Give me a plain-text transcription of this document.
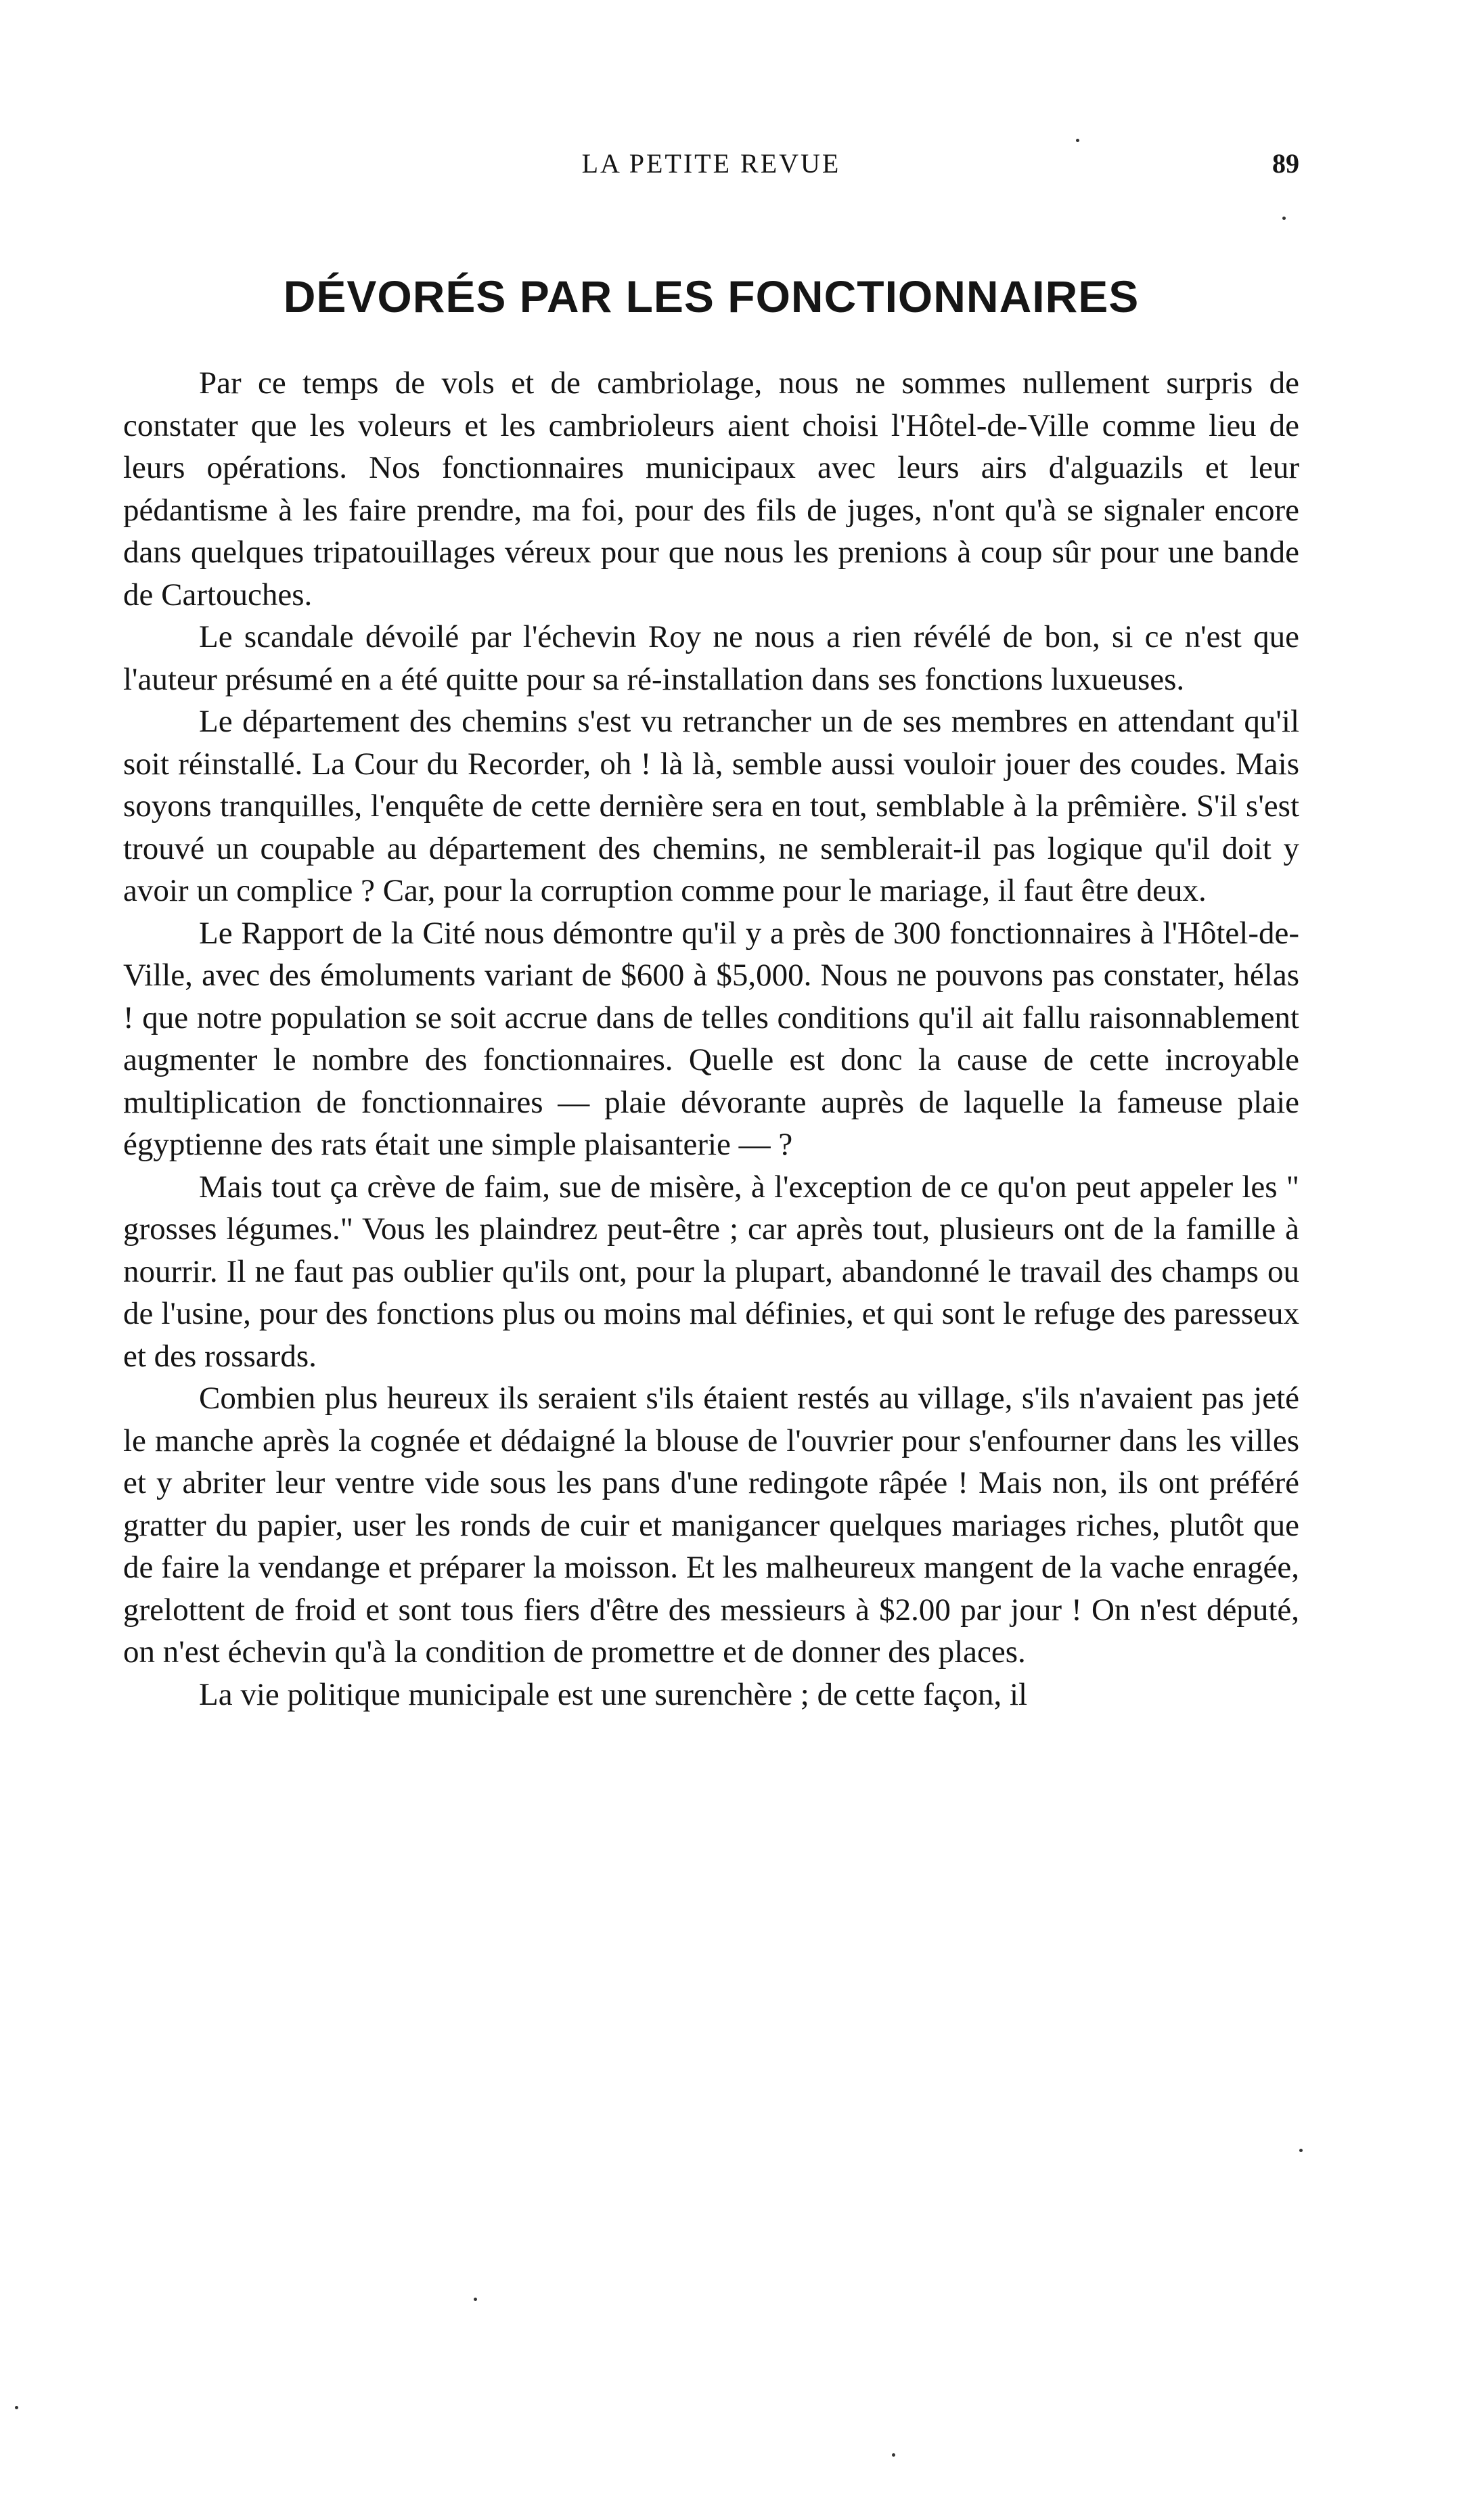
LA PETITE REVUE	89
DÉVORÉS PAR LES FONCTIONNAIRES

Par ce temps de vols et de cambriolage, nous ne sommes nullement surpris de constater que les voleurs et les cambrioleurs aient choisi l'Hôtel-de-Ville comme lieu de leurs opérations. Nos fonctionnaires municipaux avec leurs airs d'alguazils et leur pédantisme à les faire prendre, ma foi, pour des fils de juges, n'ont qu'à se signaler encore dans quelques tripatouillages véreux pour que nous les prenions à coup sûr pour une bande de Cartouches.

Le scandale dévoilé par l'échevin Roy ne nous a rien révélé de bon, si ce n'est que l'auteur présumé en a été quitte pour sa ré-installation dans ses fonctions luxueuses.

Le département des chemins s'est vu retrancher un de ses membres en attendant qu'il soit réinstallé. La Cour du Recorder, oh ! là là, semble aussi vouloir jouer des coudes. Mais soyons tranquilles, l'enquête de cette dernière sera en tout, semblable à la prêmière. S'il s'est trouvé un coupable au département des chemins, ne semblerait-il pas logique qu'il doit y avoir un complice ? Car, pour la corruption comme pour le mariage, il faut être deux.

Le Rapport de la Cité nous démontre qu'il y a près de 300 fonctionnaires à l'Hôtel-de-Ville, avec des émoluments variant de $600 à $5,000. Nous ne pouvons pas constater, hélas ! que notre population se soit accrue dans de telles conditions qu'il ait fallu raisonnablement augmenter le nombre des fonctionnaires. Quelle est donc la cause de cette incroyable multiplication de fonctionnaires — plaie dévorante auprès de laquelle la fameuse plaie égyptienne des rats était une simple plaisanterie — ?

Mais tout ça crève de faim, sue de misère, à l'exception de ce qu'on peut appeler les " grosses légumes." Vous les plaindrez peut-être ; car après tout, plusieurs ont de la famille à nourrir. Il ne faut pas oublier qu'ils ont, pour la plupart, abandonné le travail des champs ou de l'usine, pour des fonctions plus ou moins mal définies, et qui sont le refuge des paresseux et des rossards.

Combien plus heureux ils seraient s'ils étaient restés au village, s'ils n'avaient pas jeté le manche après la cognée et dédaigné la blouse de l'ouvrier pour s'enfourner dans les villes et y abriter leur ventre vide sous les pans d'une redingote râpée ! Mais non, ils ont préféré gratter du papier, user les ronds de cuir et manigancer quelques mariages riches, plutôt que de faire la vendange et préparer la moisson. Et les malheureux mangent de la vache enragée, grelottent de froid et sont tous fiers d'être des messieurs à $2.00 par jour ! On n'est député, on n'est échevin qu'à la condition de promettre et de donner des places.

La vie politique municipale est une surenchère ; de cette façon, il
